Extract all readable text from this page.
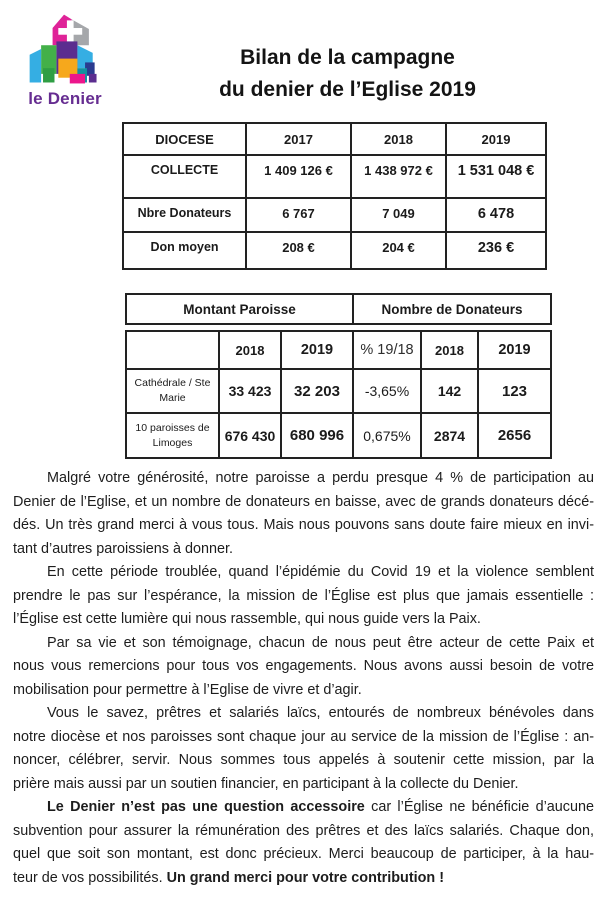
le Denier
Bilan de la campagne
du denier de l’Eglise 2019
DIOCESE	2017	2018	2019
COLLECTE	1 409 126 €	1 438 972 €	1 531 048 €
Nbre Donateurs	6 767	7 049	6 478
Don moyen	208 €	204 €	236 €
Montant Paroisse	Nombre de Donateurs
	2018	2019	% 19/18	2018	2019
Cathédrale / Ste Marie	33 423	32 203	-3,65%	142	123
10 paroisses de Limoges	676 430	680 996	0,675%	2874	2656
Malgré votre générosité, notre paroisse a perdu presque 4 % de participation au
Denier de l’Eglise, et un nombre de donateurs en baisse, avec de grands donateurs décé-
dés. Un très grand merci à vous tous. Mais nous pouvons sans doute faire mieux en invi-
tant d’autres paroissiens à donner.
En cette période troublée, quand l’épidémie du Covid 19 et la violence semblent
prendre le pas sur l’espérance, la mission de l’Église est plus que jamais essentielle :
l’Église est cette lumière qui nous rassemble, qui nous guide vers la Paix.
Par sa vie et son témoignage, chacun de nous peut être acteur de cette Paix et
nous vous remercions pour tous vos engagements. Nous avons aussi besoin de votre
mobilisation pour permettre à l’Eglise de vivre et d’agir.
Vous le savez, prêtres et salariés laïcs, entourés de nombreux bénévoles dans
notre diocèse et nos paroisses sont chaque jour au service de la mission de l’Église : an-
noncer, célébrer, servir. Nous sommes tous appelés à soutenir cette mission, par la
prière mais aussi par un soutien financier, en participant à la collecte du Denier.
Le Denier n’est pas une question accessoire car l’Église ne bénéficie d’aucune
subvention pour assurer la rémunération des prêtres et des laïcs salariés. Chaque don,
quel que soit son montant, est donc précieux. Merci beaucoup de participer, à la hau-
teur de vos possibilités. Un grand merci pour votre contribution !
